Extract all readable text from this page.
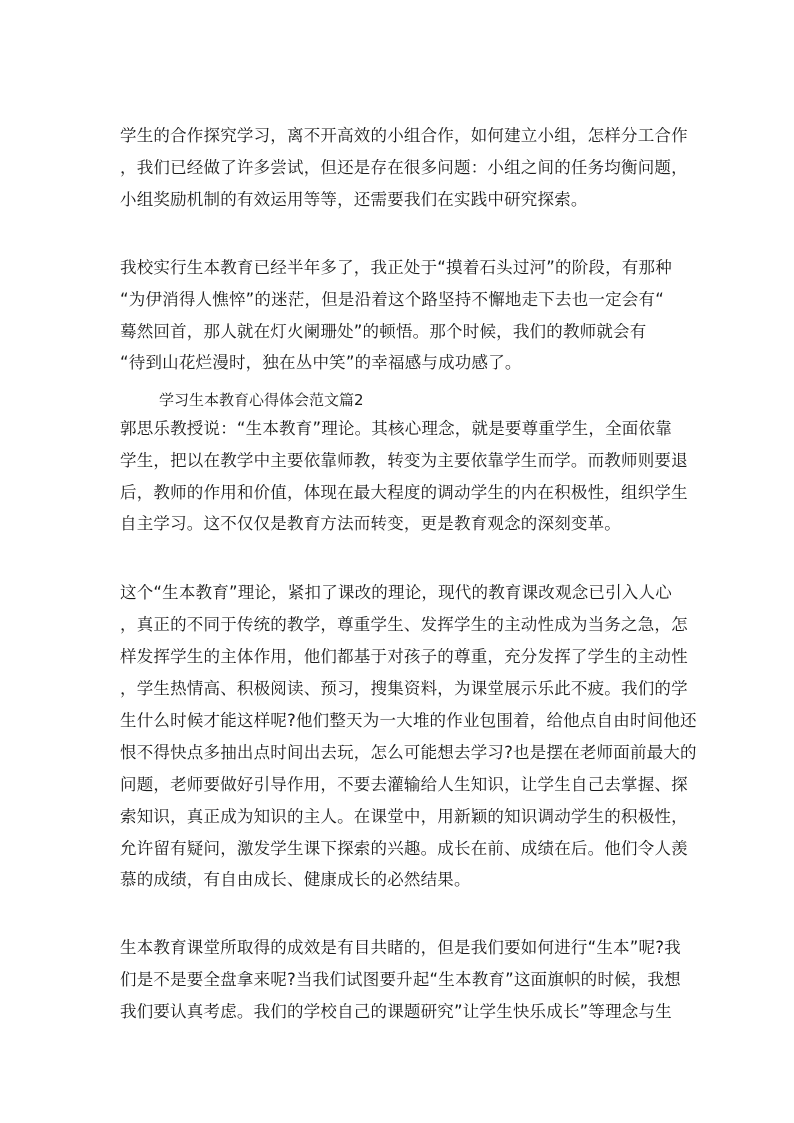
学生的合作探究学习，离不开高效的小组合作，如何建立小组，怎样分工合作
，我们已经做了许多尝试，但还是存在很多问题：小组之间的任务均衡问题，
小组奖励机制的有效运用等等，还需要我们在实践中研究探索。
我校实行生本教育已经半年多了，我正处于“摸着石头过河”的阶段，有那种
“为伊消得人憔悴”的迷茫，但是沿着这个路坚持不懈地走下去也一定会有“
蓦然回首，那人就在灯火阑珊处”的顿悟。那个时候，我们的教师就会有
“待到山花烂漫时，独在丛中笑”的幸福感与成功感了。
学习生本教育心得体会范文篇2
郭思乐教授说：“生本教育”理论。其核心理念，就是要尊重学生，全面依靠
学生，把以在教学中主要依靠师教，转变为主要依靠学生而学。而教师则要退
后，教师的作用和价值，体现在最大程度的调动学生的内在积极性，组织学生
自主学习。这不仅仅是教育方法而转变，更是教育观念的深刻变革。
这个“生本教育”理论，紧扣了课改的理论，现代的教育课改观念已引入人心
，真正的不同于传统的教学，尊重学生、发挥学生的主动性成为当务之急，怎
样发挥学生的主体作用，他们都基于对孩子的尊重，充分发挥了学生的主动性
，学生热情高、积极阅读、预习，搜集资料，为课堂展示乐此不疲。我们的学
生什么时候才能这样呢?他们整天为一大堆的作业包围着，给他点自由时间他还
恨不得快点多抽出点时间出去玩，怎么可能想去学习?也是摆在老师面前最大的
问题，老师要做好引导作用，不要去灌输给人生知识，让学生自己去掌握、探
索知识，真正成为知识的主人。在课堂中，用新颖的知识调动学生的积极性，
允许留有疑问，激发学生课下探索的兴趣。成长在前、成绩在后。他们令人羡
慕的成绩，有自由成长、健康成长的必然结果。
生本教育课堂所取得的成效是有目共睹的，但是我们要如何进行“生本”呢?我
们是不是要全盘拿来呢?当我们试图要升起“生本教育”这面旗帜的时候，我想
我们要认真考虑。我们的学校自己的课题研究”让学生快乐成长”等理念与生
